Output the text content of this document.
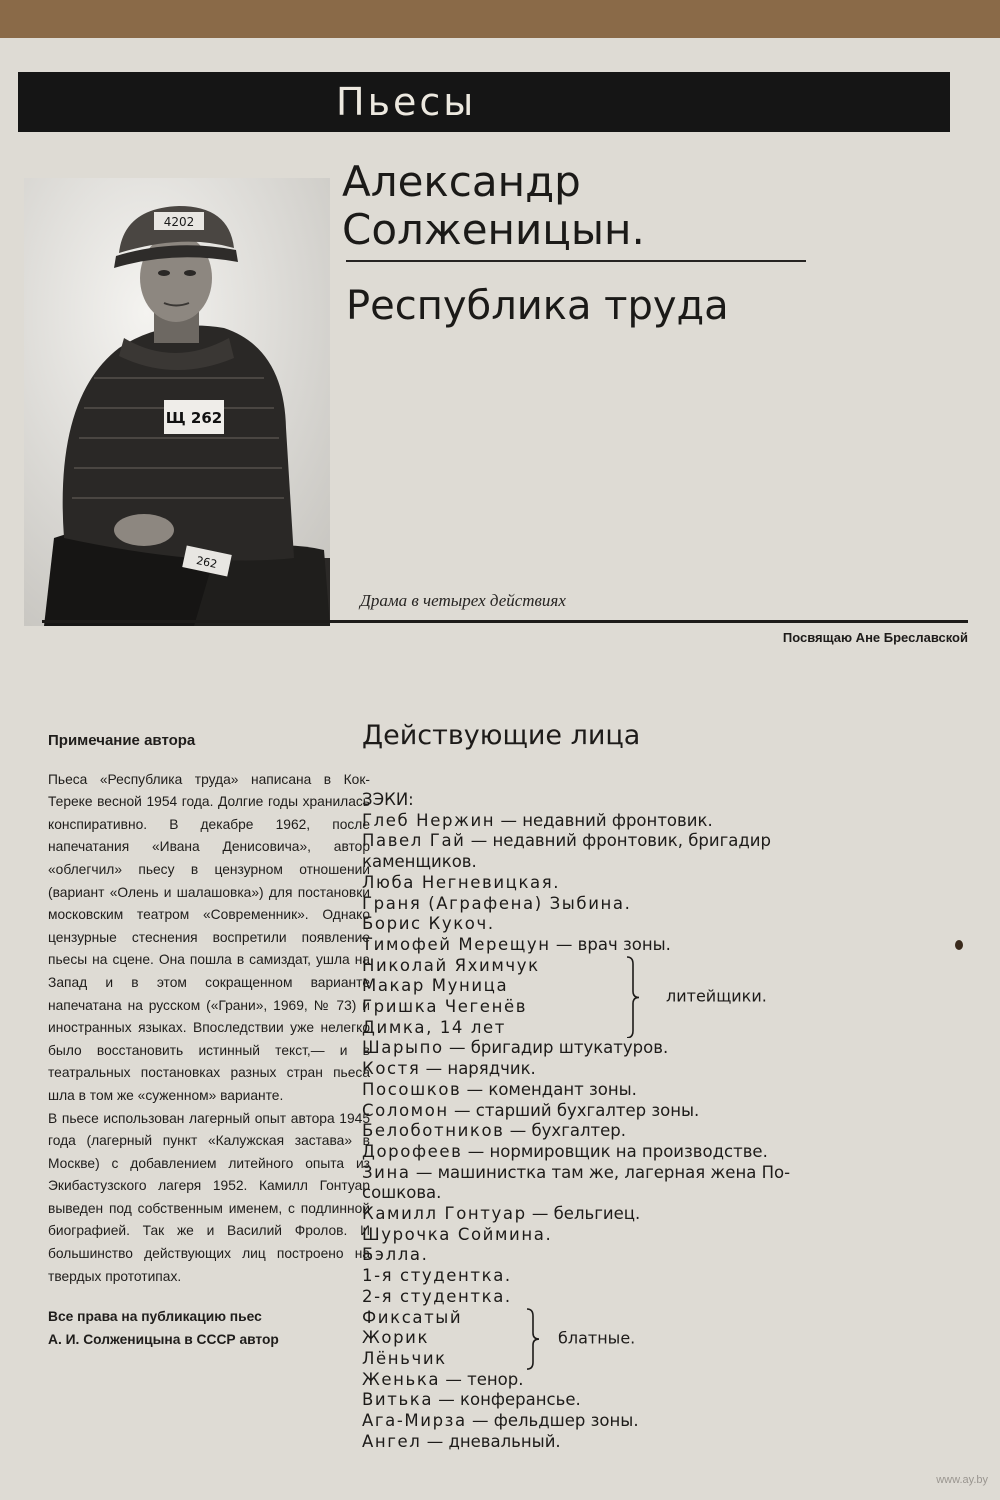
Пьесы
4202
Щ 262
262
Александр
Солженицын.
Республика труда
Драма в четырех действиях
Посвящаю Ане Бреславской
Примечание автора

Пьеса «Республика труда» написана в Кок-Тереке весной 1954 года. Долгие годы хранилась конспиративно. В декабре 1962, после напечатания «Ивана Денисовича», автор «облегчил» пьесу в цензурном отношении (вариант «Олень и шалашовка») для постановки московским театром «Современник». Однако цензурные стеснения воспретили появление пьесы на сцене. Она пошла в самиздат, ушла на Запад и в этом сокращенном варианте напечатана на русском («Грани», 1969, № 73) и иностранных языках. Впоследствии уже нелегко было восстановить истинный текст,— и в театральных постановках разных стран пьеса шла в том же «суженном» варианте.

В пьесе использован лагерный опыт автора 1945 года (лагерный пункт «Калужская застава» в Москве) с добавлением литейного опыта из Экибастузского лагеря 1952. Камилл Гонтуар выведен под собственным именем, с подлинной биографией. Так же и Василий Фролов. И большинство действующих лиц построено на твердых прототипах.

Все права на публикацию пьес
А. И. Солженицына в СССР автор
Действующие лица
ЗЭКИ:
Глеб Нержин — недавний фронтовик.
Павел Гай — недавний фронтовик, бригадир
каменщиков.
Люба Негневицкая.
Граня (Аграфена) Зыбина.
Борис Кукоч.
Тимофей Мерещун — врач зоны.
Николай Яхимчук
Макар Муница
Гришка Чегенёв
Димка, 14 лет
литейщики.
Шарыпо — бригадир штукатуров.
Костя — нарядчик.
Посошков — комендант зоны.
Соломон — старший бухгалтер зоны.
Белоботников — бухгалтер.
Дорофеев — нормировщик на производстве.
Зина — машинистка там же, лагерная жена По-
сошкова.
Камилл Гонтуар — бельгиец.
Шурочка Соймина.
Бэлла.
1-я студентка.
2-я студентка.
Фиксатый
Жорик
Лёньчик
блатные.
Женька — тенор.
Витька — конферансье.
Ага-Мирза — фельдшер зоны.
Ангел — дневальный.
www.ay.by
